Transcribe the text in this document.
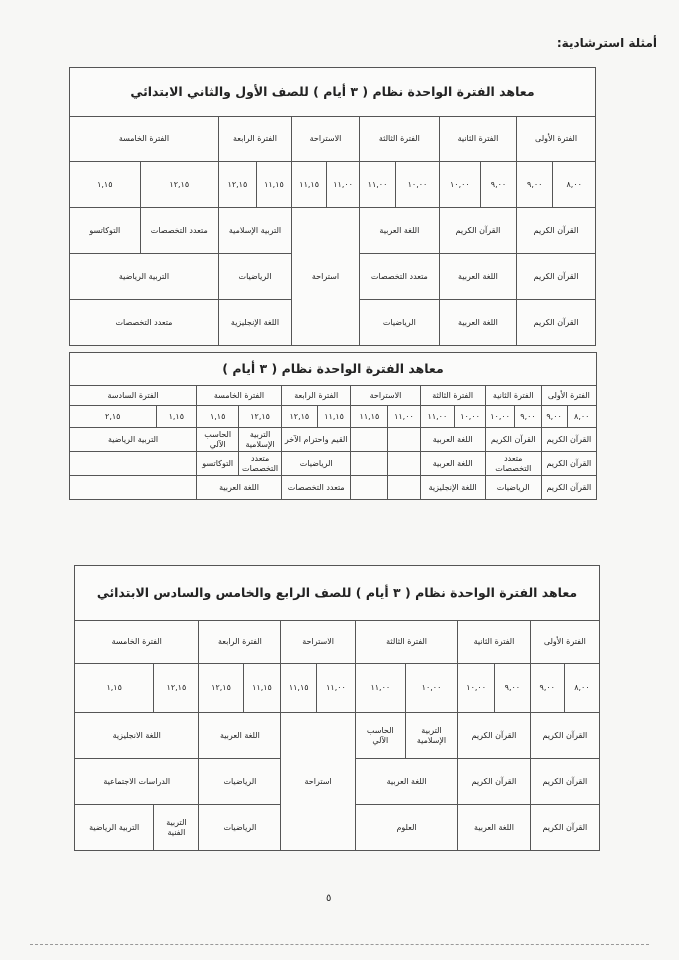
أمثلة استرشادية:
معاهد الفترة الواحدة نظام ( ٣ أيام ) للصف الأول والثاني الابتدائي											
الفترة الأولى		الفترة الثانية		الفترة الثالثة		الاستراحة		الفترة الرابعة		الفترة الخامسة	
٨,٠٠	٩,٠٠	٩,٠٠	١٠,٠٠	١٠,٠٠	١١,٠٠	١١,٠٠	١١,١٥	١١,١٥	١٢,١٥	١٢,١٥	١,١٥
القرآن الكريم		القرآن الكريم		اللغة العربية		استراحة		التربية الإسلامية		متعدد التخصصات	التوكاتسو
القرآن الكريم		اللغة العربية		متعدد التخصصات				الرياضيات		التربية الرياضية	
القرآن الكريم		اللغة العربية		الرياضيات				اللغة الإنجليزية		متعدد التخصصات	
معاهد الفترة الواحدة نظام ( ٣ أيام )													
الفترة الأولى		الفترة الثانية		الفترة الثالثة		الاستراحة		الفترة الرابعة		الفترة الخامسة		الفترة السادسة	
٨,٠٠	٩,٠٠	٩,٠٠	١٠,٠٠	١٠,٠٠	١١,٠٠	١١,٠٠	١١,١٥	١١,١٥	١٢,١٥	١٢,١٥	١,١٥	١,١٥	٢,١٥
القرآن الكريم		القرآن الكريم		اللغة العربية				القيم واحترام الآخر		التربية الإسلامية	الحاسب الآلي	التربية الرياضية	
القرآن الكريم		متعدد التخصصات		اللغة العربية				الرياضيات		متعدد التخصصات	التوكاتسو		
القرآن الكريم		الرياضيات		اللغة الإنجليزية				متعدد التخصصات		اللغة العربية			
معاهد الفترة الواحدة نظام ( ٣ أيام ) للصف الرابع والخامس والسادس الابتدائي											
الفترة الأولى		الفترة الثانية		الفترة الثالثة		الاستراحة		الفترة الرابعة		الفترة الخامسة	
٨,٠٠	٩,٠٠	٩,٠٠	١٠,٠٠	١٠,٠٠	١١,٠٠	١١,٠٠	١١,١٥	١١,١٥	١٢,١٥	١٢,١٥	١,١٥
القرآن الكريم		القرآن الكريم		التربية الإسلامية	الحاسب الآلي	استراحة		اللغة العربية		اللغة الانجليزية	
القرآن الكريم		القرآن الكريم		اللغة العربية				الرياضيات		الدراسات الاجتماعية	
القرآن الكريم		اللغة العربية		العلوم				الرياضيات		التربية الفنية	التربية الرياضية
٥
